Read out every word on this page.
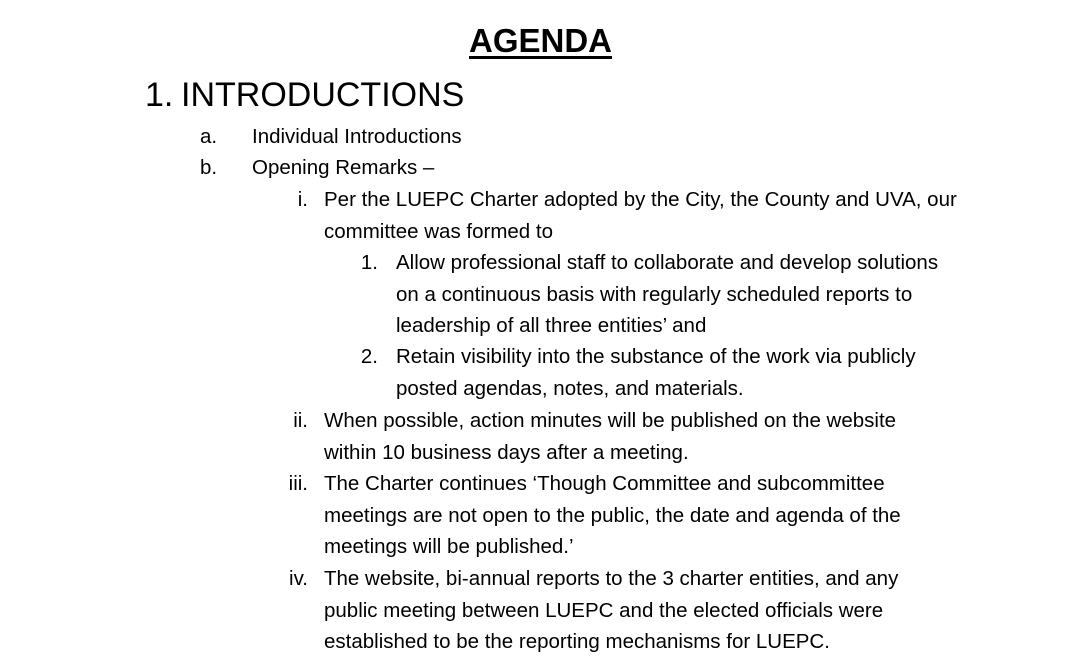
AGENDA
1. INTRODUCTIONS
a. Individual Introductions
b. Opening Remarks –
i. Per the LUEPC Charter adopted by the City, the County and UVA, our committee was formed to
1. Allow professional staff to collaborate and develop solutions on a continuous basis with regularly scheduled reports to leadership of all three entities’ and
2. Retain visibility into the substance of the work via publicly posted agendas, notes, and materials.
ii. When possible, action minutes will be published on the website within 10 business days after a meeting.
iii. The Charter continues ‘Though Committee and subcommittee meetings are not open to the public, the date and agenda of the meetings will be published.’
iv. The website, bi-annual reports to the 3 charter entities, and any public meeting between LUEPC and the elected officials were established to be the reporting mechanisms for LUEPC.
